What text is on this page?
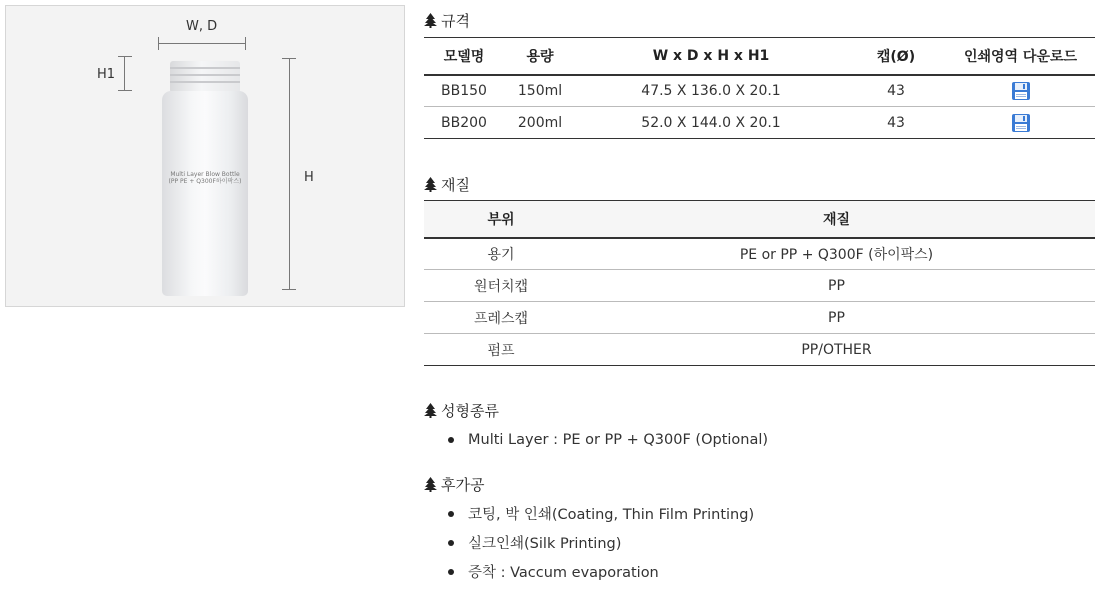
W, D
H1
H
Multi Layer Blow Bottle
(PP PE + Q300F하이팍스)
규격
모델명	용량	W x D x H x H1	캡(Ø)	인쇄영역 다운로드
BB150	150ml	47.5 X 136.0 X 20.1	43	
BB200	200ml	52.0 X 144.0 X 20.1	43	
재질
부위	재질
용기	PE or PP + Q300F (하이팍스)
원터치캡	PP
프레스캡	PP
펌프	PP/OTHER
성형종류
Multi Layer : PE or PP + Q300F (Optional)
후가공
코팅, 박 인쇄(Coating, Thin Film Printing)
실크인쇄(Silk Printing)
증착 : Vaccum evaporation
